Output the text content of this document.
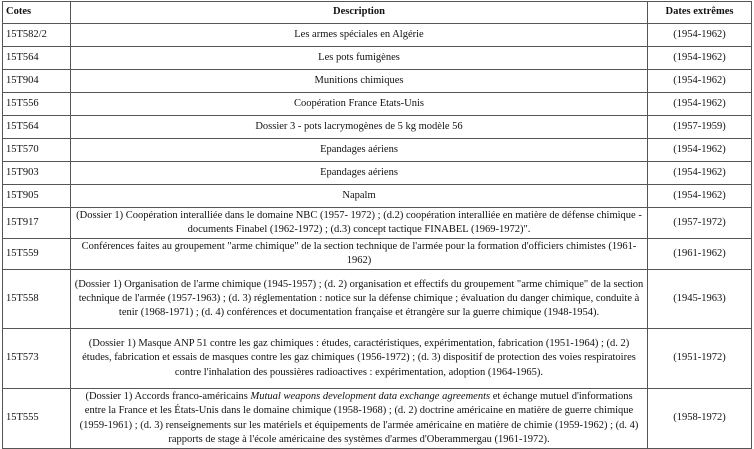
Cotes	Description	Dates extrêmes
15T582/2	Les armes spéciales en Algérie	(1954-1962)
15T564	Les pots fumigènes	(1954-1962)
15T904	Munitions chimiques	(1954-1962)
15T556	Coopération France Etats-Unis	(1954-1962)
15T564	Dossier 3 - pots lacrymogènes de 5 kg modèle 56	(1957-1959)
15T570	Epandages aériens	(1954-1962)
15T903	Epandages aériens	(1954-1962)
15T905	Napalm	(1954-1962)
15T917	(Dossier 1) Coopération interalliée dans le domaine NBC (1957- 1972) ; (d.2) coopération interalliée en matière de défense chimique - documents Finabel (1962-1972) ; (d.3) concept tactique FINABEL (1969-1972)".	(1957-1972)
15T559	Conférences faites au groupement "arme chimique" de la section technique de l'armée pour la formation d'officiers chimistes (1961-1962)	(1961-1962)
15T558	(Dossier 1) Organisation de l'arme chimique (1945-1957) ; (d. 2) organisation et effectifs du groupement "arme chimique" de la section technique de l'armée (1957-1963) ; (d. 3) réglementation : notice sur la défense chimique ; évaluation du danger chimique, conduite à tenir (1968-1971) ; (d. 4) conférences et documentation française et étrangère sur la guerre chimique (1948-1954).	(1945-1963)
15T573	(Dossier 1) Masque ANP 51 contre les gaz chimiques : études, caractéristiques, expérimentation, fabrication (1951-1964) ; (d. 2) études, fabrication et essais de masques contre les gaz chimiques (1956-1972) ; (d. 3) dispositif de protection des voies respiratoires contre l'inhalation des poussières radioactives : expérimentation, adoption (1964-1965).	(1951-1972)
15T555	(Dossier 1) Accords franco-américains Mutual weapons development data exchange agreements et échange mutuel d'informations entre la France et les États-Unis dans le domaine chimique (1958-1968) ; (d. 2) doctrine américaine en matière de guerre chimique (1959-1961) ; (d. 3) renseignements sur les matériels et équipements de l'armée américaine en matière de chimie (1959-1962) ; (d. 4) rapports de stage à l'école américaine des systèmes d'armes d'Oberammergau (1961-1972).	(1958-1972)
